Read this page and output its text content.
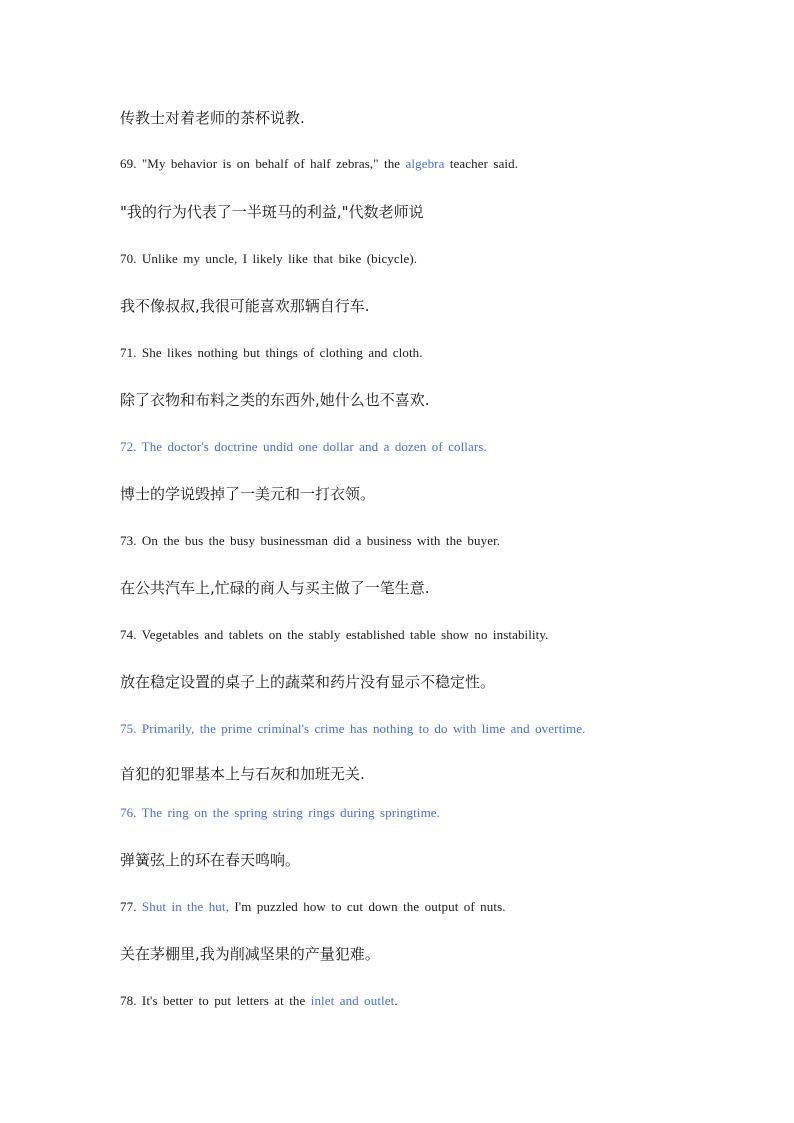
传教士对着老师的茶杯说教.
69. "My behavior is on behalf of half zebras," the algebra teacher said.
"我的行为代表了一半斑马的利益,"代数老师说
70. Unlike my uncle, I likely like that bike (bicycle).
我不像叔叔,我很可能喜欢那辆自行车.
71. She likes nothing but things of clothing and cloth.
除了衣物和布料之类的东西外,她什么也不喜欢.
72. The doctor's doctrine undid one dollar and a dozen of collars.
博士的学说毁掉了一美元和一打衣领。
73. On the bus the busy businessman did a business with the buyer.
在公共汽车上,忙碌的商人与买主做了一笔生意.
74. Vegetables and tablets on the stably established table show no instability.
放在稳定设置的桌子上的蔬菜和药片没有显示不稳定性。
75. Primarily, the prime criminal's crime has nothing to do with lime and overtime.
首犯的犯罪基本上与石灰和加班无关.
76. The ring on the spring string rings during springtime.
弹簧弦上的环在春天鸣响。
77. Shut in the hut, I'm puzzled how to cut down the output of nuts.
关在茅棚里,我为削减坚果的产量犯难。
78. It's better to put letters at the inlet and outlet.
